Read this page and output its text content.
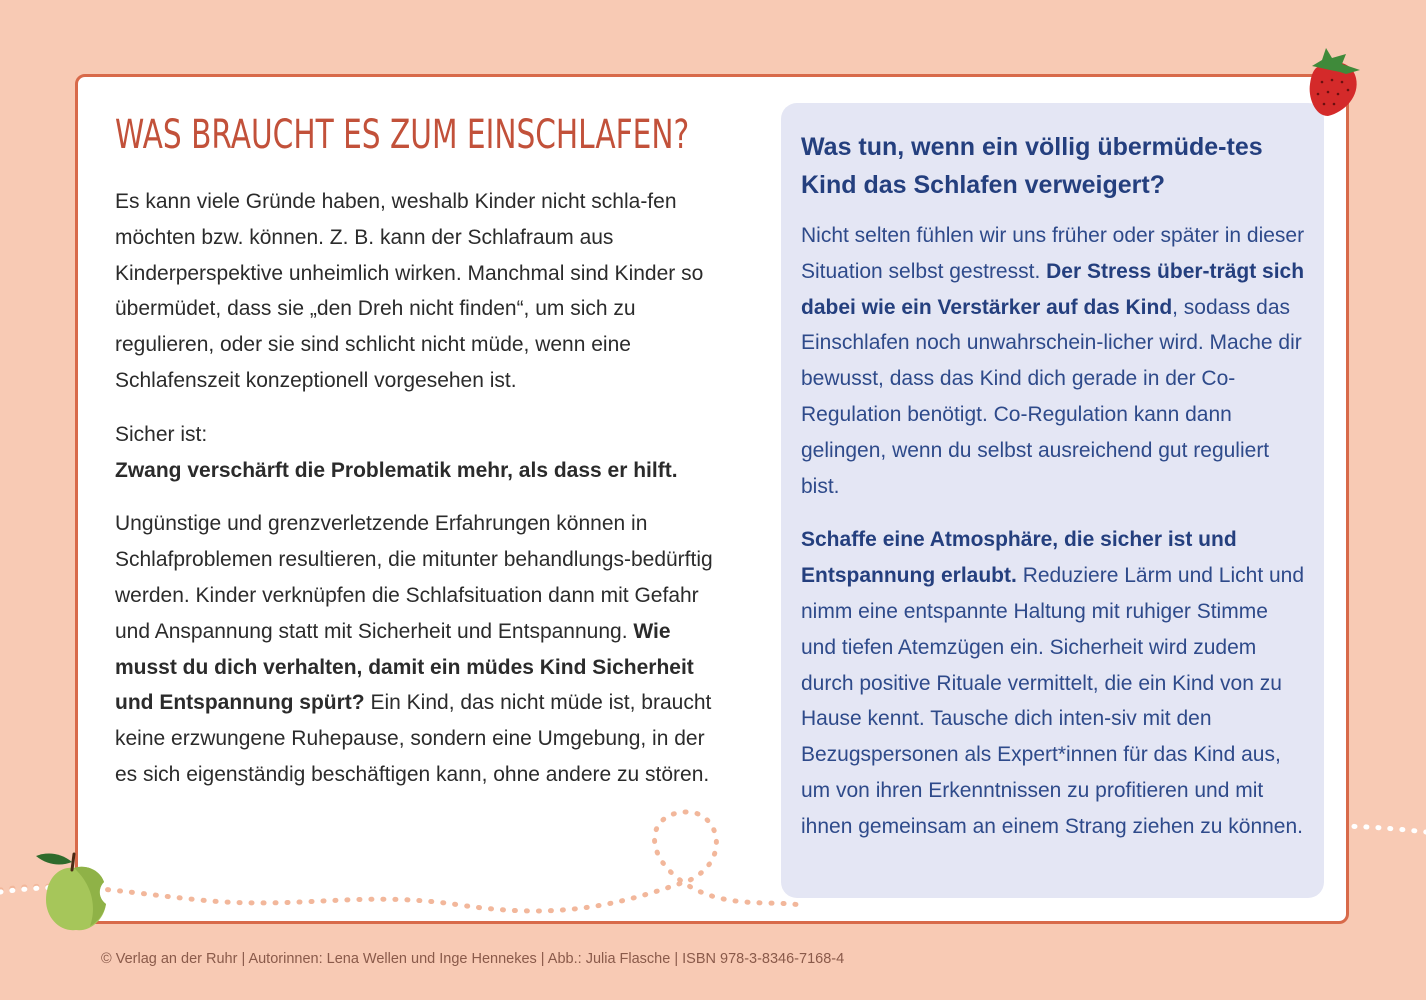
WAS BRAUCHT ES ZUM EINSCHLAFEN?

Es kann viele Gründe haben, weshalb Kinder nicht schla-fen möchten bzw. können. Z. B. kann der Schlafraum aus Kinderperspektive unheimlich wirken. Manchmal sind Kinder so übermüdet, dass sie „den Dreh nicht finden“, um sich zu regulieren, oder sie sind schlicht nicht müde, wenn eine Schlafenszeit konzeptionell vorgesehen ist.

Sicher ist:
Zwang verschärft die Problematik mehr, als dass er hilft.

Ungünstige und grenzverletzende Erfahrungen können in Schlafproblemen resultieren, die mitunter behandlungs-bedürftig werden. Kinder verknüpfen die Schlafsituation dann mit Gefahr und Anspannung statt mit Sicherheit und Entspannung. Wie musst du dich verhalten, damit ein müdes Kind Sicherheit und Entspannung spürt? Ein Kind, das nicht müde ist, braucht keine erzwungene Ruhepause, sondern eine Umgebung, in der es sich eigenständig beschäftigen kann, ohne andere zu stören.

Was tun, wenn ein völlig übermüde-tes Kind das Schlafen verweigert?

Nicht selten fühlen wir uns früher oder später in dieser Situation selbst gestresst. Der Stress über-trägt sich dabei wie ein Verstärker auf das Kind, sodass das Einschlafen noch unwahrschein-licher wird. Mache dir bewusst, dass das Kind dich gerade in der Co-Regulation benötigt. Co-Regulation kann dann gelingen, wenn du selbst ausreichend gut reguliert bist.

Schaffe eine Atmosphäre, die sicher ist und Entspannung erlaubt. Reduziere Lärm und Licht und nimm eine entspannte Haltung mit ruhiger Stimme und tiefen Atemzügen ein. Sicherheit wird zudem durch positive Rituale vermittelt, die ein Kind von zu Hause kennt. Tausche dich inten-siv mit den Bezugspersonen als Expert*innen für das Kind aus, um von ihren Erkenntnissen zu profitieren und mit ihnen gemeinsam an einem Strang ziehen zu können.

© Verlag an der Ruhr | Autorinnen: Lena Wellen und Inge Hennekes | Abb.: Julia Flasche | ISBN 978-3-8346-7168-4
